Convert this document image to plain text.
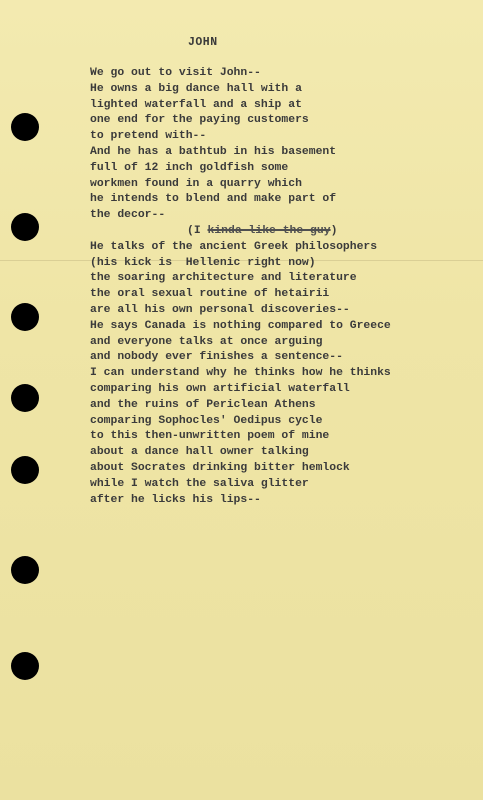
JOHN
We go out to visit John--
He owns a big dance hall with a
lighted waterfall and a ship at
one end for the paying customers
to pretend with--
And he has a bathtub in his basement
full of 12 inch goldfish some
workmen found in a quarry which
he intends to blend and make part of
the decor--
(I kinda like the guy)
He talks of the ancient Greek philosophers
(his kick is  Hellenic right now)
the soaring architecture and literature
the oral sexual routine of hetairii
are all his own personal discoveries--
He says Canada is nothing compared to Greece
and everyone talks at once arguing
and nobody ever finishes a sentence--
I can understand why he thinks how he thinks
comparing his own artificial waterfall
and the ruins of Periclean Athens
comparing Sophocles' Oedipus cycle
to this then-unwritten poem of mine
about a dance hall owner talking
about Socrates drinking bitter hemlock
while I watch the saliva glitter
after he licks his lips--
